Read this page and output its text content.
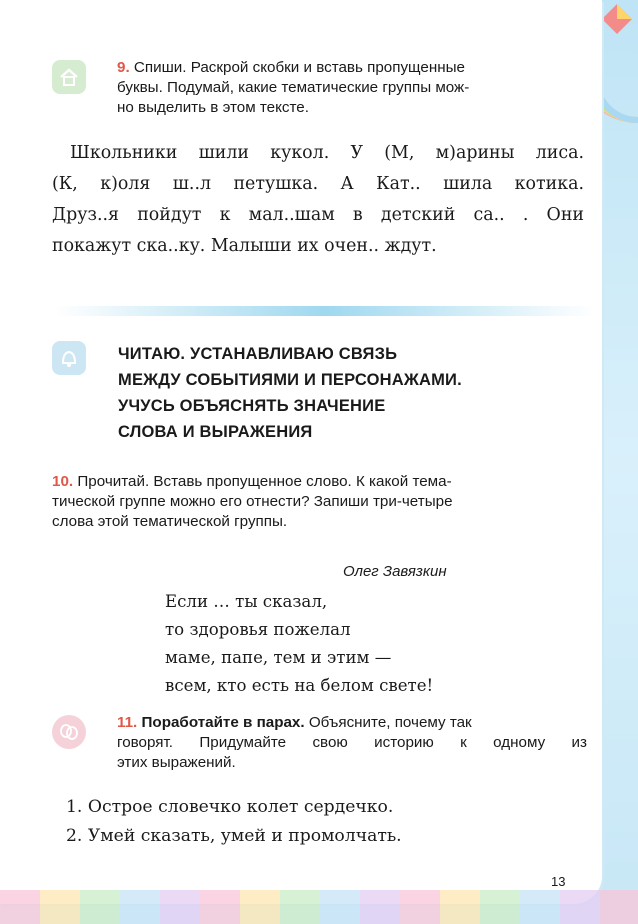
9. Спиши. Раскрой скобки и вставь пропущенные
буквы. Подумай, какие тематические группы мож-
но выделить в этом тексте.

Школьники шили кукол. У (М, м)арины лиса.

(К, к)оля ш..л петушка. А Кат.. шила котика.

Друз..я пойдут к мал..шам в детский са.. . Они

покажут ска..ку. Малыши их очен.. ждут.

ЧИТАЮ. УСТАНАВЛИВАЮ СВЯЗЬ
МЕЖДУ СОБЫТИЯМИ И ПЕРСОНАЖАМИ.
УЧУСЬ ОБЪЯСНЯТЬ ЗНАЧЕНИЕ
СЛОВА И ВЫРАЖЕНИЯ
10. Прочитай. Вставь пропущенное слово. К какой тема-
тической группе можно его отнести? Запиши три-четыре
слова этой тематической группы.
Олег Завязкин
Если … ты сказал,
то здоровья пожелал
маме, папе, тем и этим —
всем, кто есть на белом свете!
11. Поработайте в парах. Объясните, почему так
говорят. Придумайте свою историю к одному из
этих выражений.
1. Острое словечко колет сердечко.
2. Умей сказать, умей и промолчать.
13
